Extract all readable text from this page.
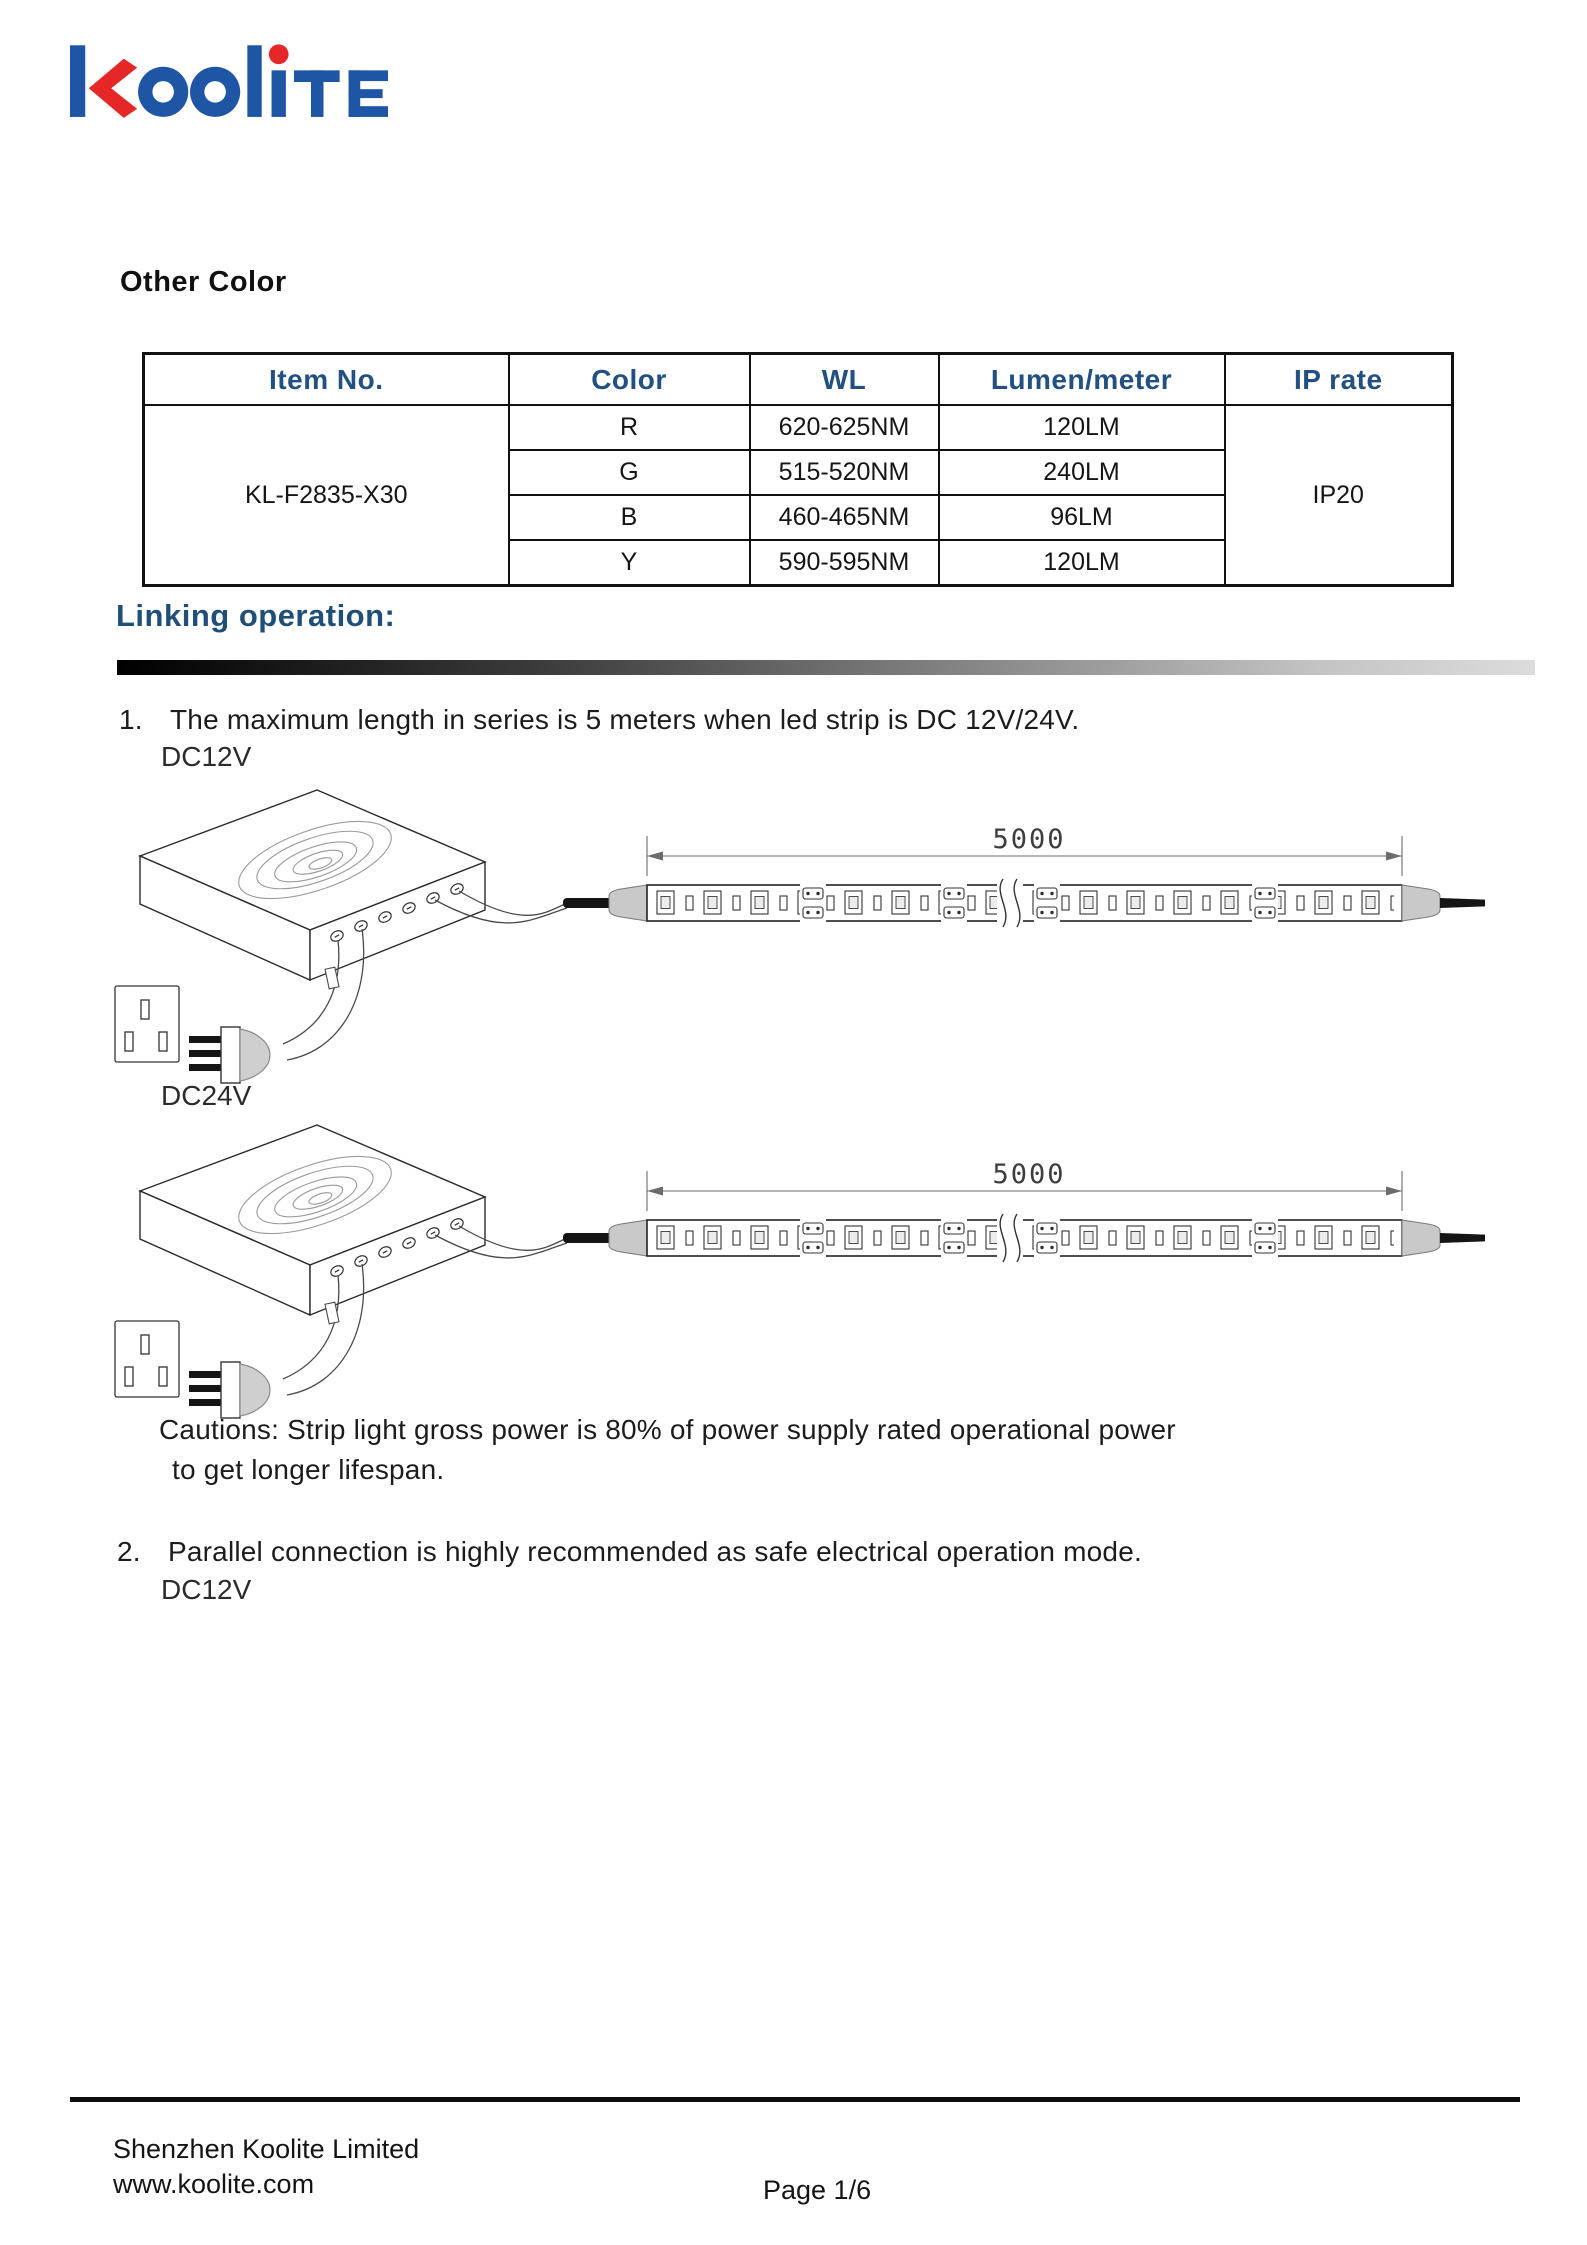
Other Color
Item No.	Color	WL	Lumen/meter	IP rate
KL-F2835-X30	R	620-625NM	120LM	IP20
	G	515-520NM	240LM	
	B	460-465NM	96LM	
	Y	590-595NM	120LM	
Linking operation:
1. The maximum length in series is 5 meters when led strip is DC 12V/24V.
DC12V
DC24V
Cautions: Strip light gross power is 80% of power supply rated operational power
to get longer lifespan.
2. Parallel connection is highly recommended as safe electrical operation mode.
DC12V
Shenzhen Koolite Limited
www.koolite.com	Page 1/6
